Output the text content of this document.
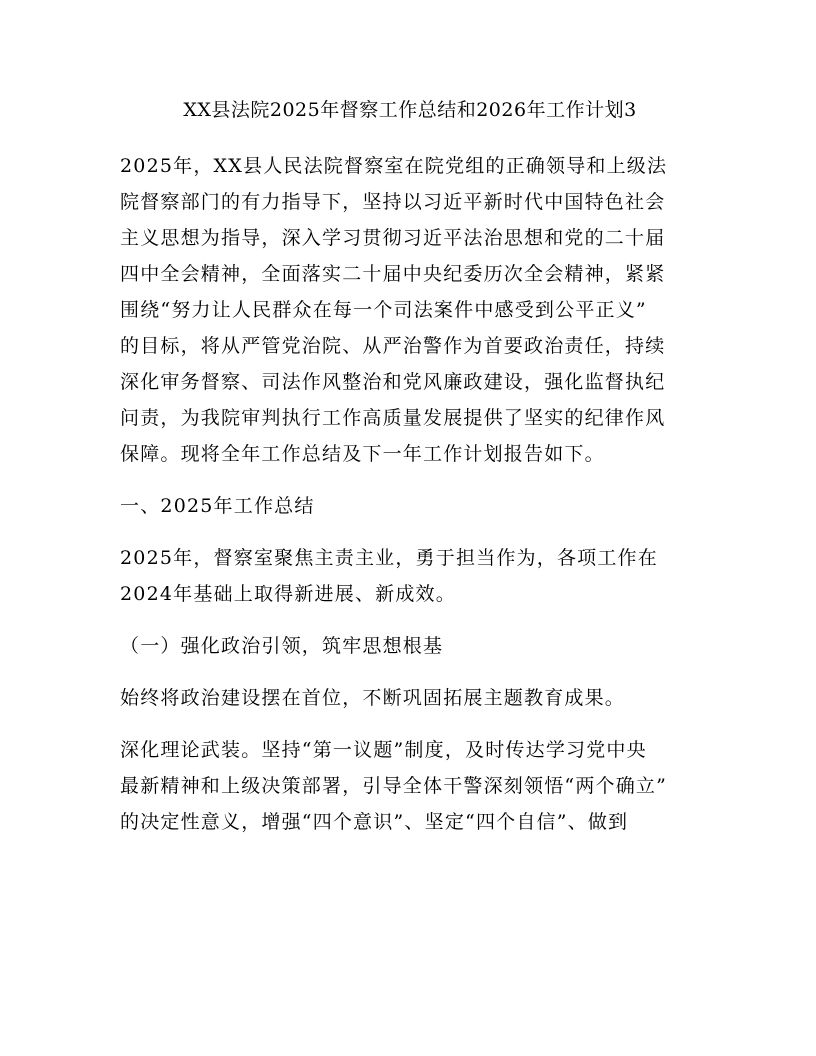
XX县法院2025年督察工作总结和2026年工作计划3
2025年，XX县人民法院督察室在院党组的正确领导和上级法
院督察部门的有力指导下，坚持以习近平新时代中国特色社会
主义思想为指导，深入学习贯彻习近平法治思想和党的二十届
四中全会精神，全面落实二十届中央纪委历次全会精神，紧紧
围绕“努力让人民群众在每一个司法案件中感受到公平正义”
的目标，将从严管党治院、从严治警作为首要政治责任，持续
深化审务督察、司法作风整治和党风廉政建设，强化监督执纪
问责，为我院审判执行工作高质量发展提供了坚实的纪律作风
保障。现将全年工作总结及下一年工作计划报告如下。
一、2025年工作总结
2025年，督察室聚焦主责主业，勇于担当作为，各项工作在
2024年基础上取得新进展、新成效。
（一）强化政治引领，筑牢思想根基
始终将政治建设摆在首位，不断巩固拓展主题教育成果。
深化理论武装。坚持“第一议题”制度，及时传达学习党中央
最新精神和上级决策部署，引导全体干警深刻领悟“两个确立”
的决定性意义，增强“四个意识”、坚定“四个自信”、做到
